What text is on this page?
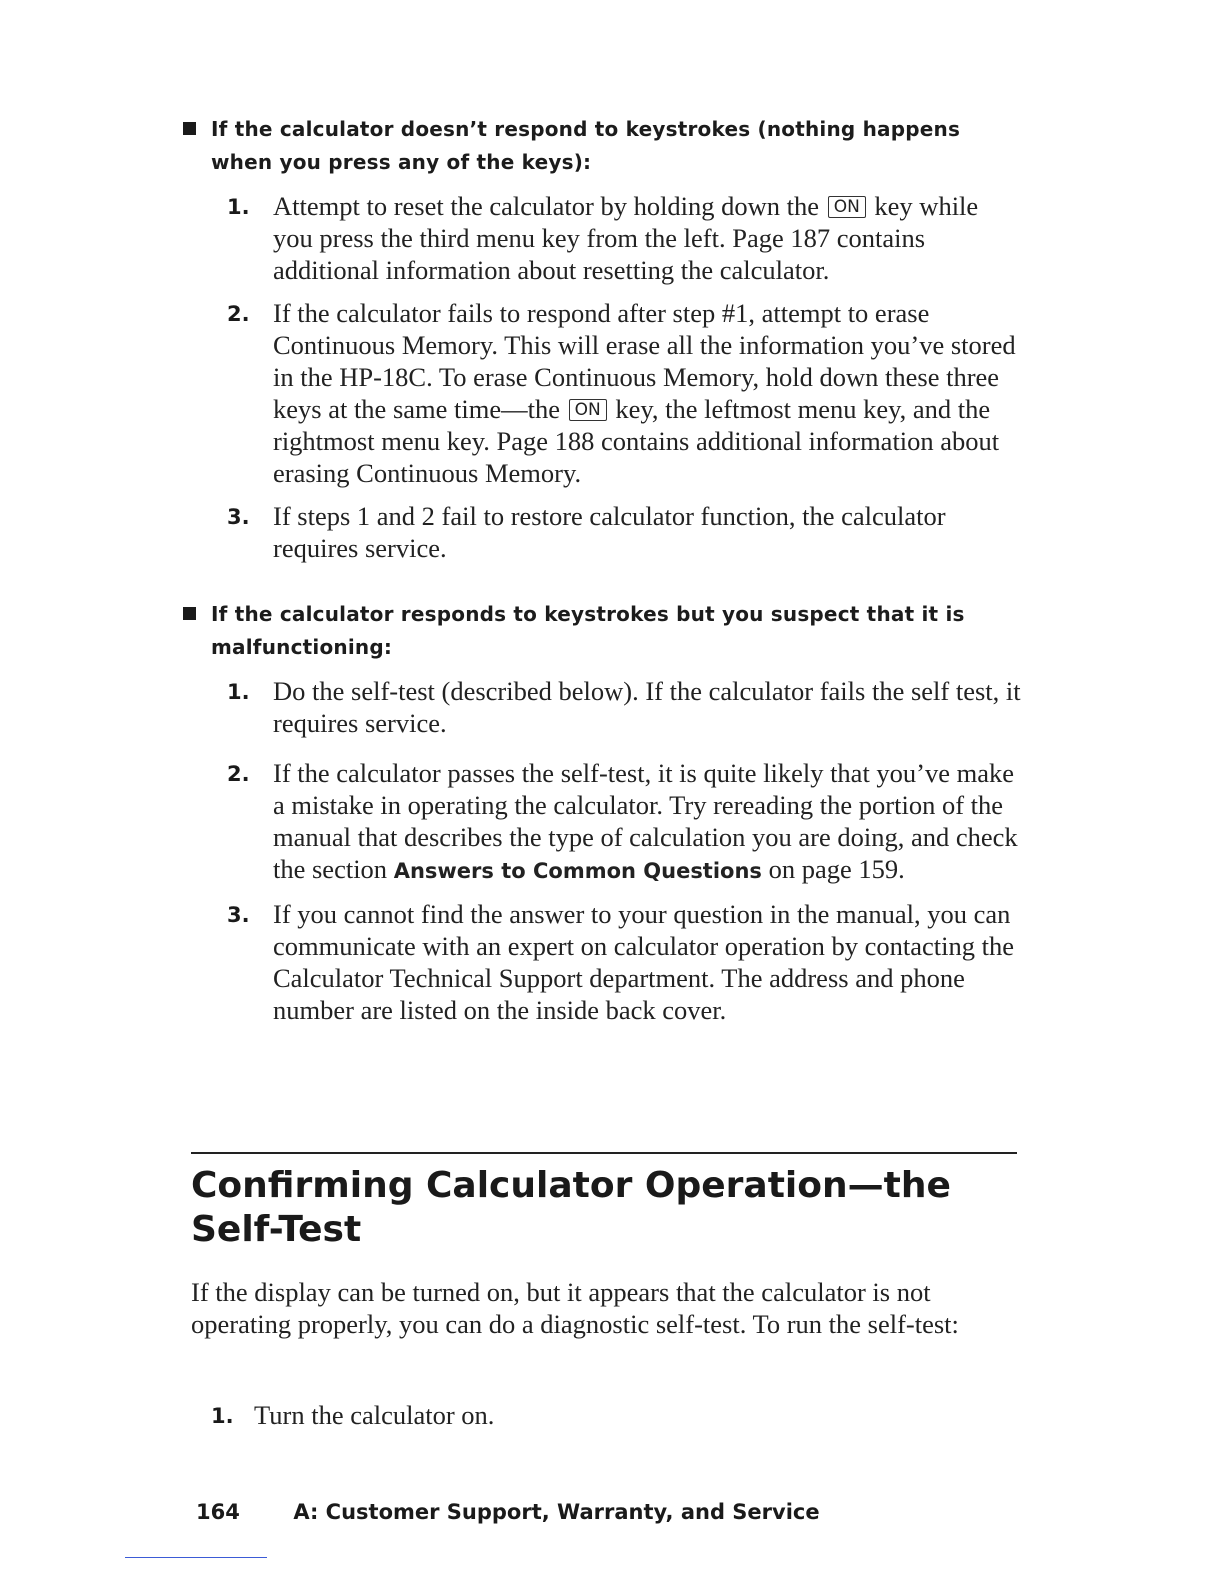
If the calculator doesn’t respond to keystrokes (nothing happens when you press any of the keys):
1. Attempt to reset the calculator by holding down the ON key while you press the third menu key from the left. Page 187 contains additional information about resetting the calculator.
2. If the calculator fails to respond after step #1, attempt to erase Continuous Memory. This will erase all the information you’ve stored in the HP-18C. To erase Continuous Memory, hold down these three keys at the same time—the ON key, the leftmost menu key, and the rightmost menu key. Page 188 contains additional information about erasing Continuous Memory.
3. If steps 1 and 2 fail to restore calculator function, the calculator requires service.
If the calculator responds to keystrokes but you suspect that it is malfunctioning:
1. Do the self-test (described below). If the calculator fails the self test, it requires service.
2. If the calculator passes the self-test, it is quite likely that you’ve make a mistake in operating the calculator. Try rereading the portion of the manual that describes the type of calculation you are doing, and check the section Answers to Common Questions on page 159.
3. If you cannot find the answer to your question in the manual, you can communicate with an expert on calculator operation by contacting the Calculator Technical Support department. The address and phone number are listed on the inside back cover.
Confirming Calculator Operation—the
Self-Test

If the display can be turned on, but it appears that the calculator is not operating properly, you can do a diagnostic self-test. To run the self-test:

1. Turn the calculator on.
164	A: Customer Support, Warranty, and Service
